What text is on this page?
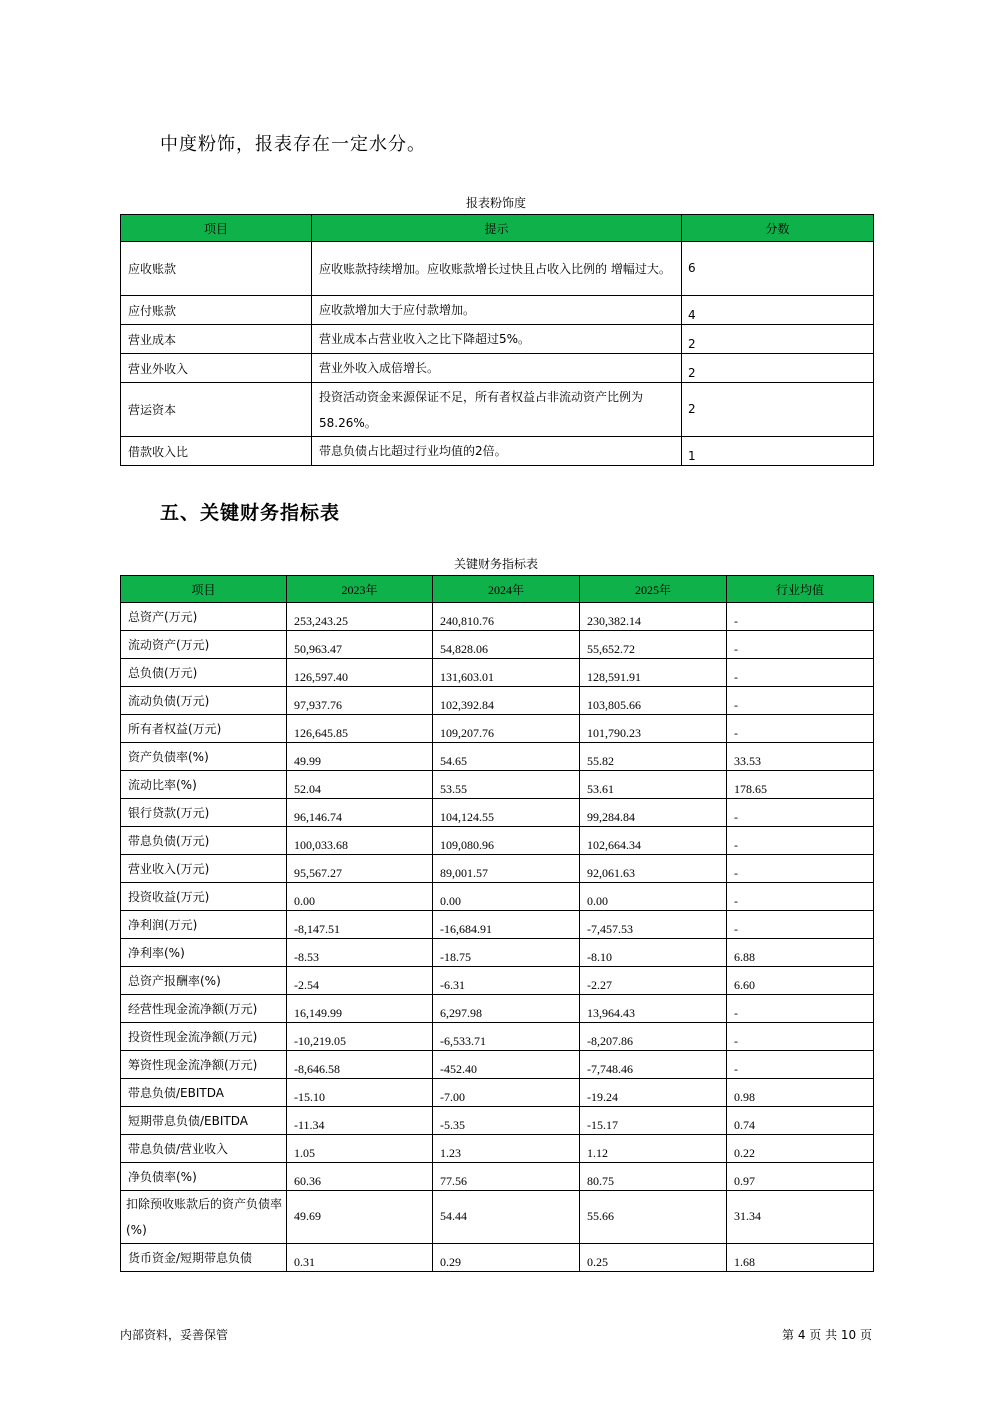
中度粉饰，报表存在一定水分。
报表粉饰度
项目	提示	分数
应收账款	应收账款持续增加。应收账款增长过快且占收入比例的 增幅过大。	6
应付账款	应收款增加大于应付款增加。	4
营业成本	营业成本占营业收入之比下降超过5%。	2
营业外收入	营业外收入成倍增长。	2
营运资本	投资活动资金来源保证不足，所有者权益占非流动资产比例为58.26%。	2
借款收入比	带息负债占比超过行业均值的2倍。	1
五、关键财务指标表
关键财务指标表
项目	2023年	2024年	2025年	行业均值
总资产(万元)	253,243.25	240,810.76	230,382.14	-
流动资产(万元)	50,963.47	54,828.06	55,652.72	-
总负债(万元)	126,597.40	131,603.01	128,591.91	-
流动负债(万元)	97,937.76	102,392.84	103,805.66	-
所有者权益(万元)	126,645.85	109,207.76	101,790.23	-
资产负债率(%)	49.99	54.65	55.82	33.53
流动比率(%)	52.04	53.55	53.61	178.65
银行贷款(万元)	96,146.74	104,124.55	99,284.84	-
带息负债(万元)	100,033.68	109,080.96	102,664.34	-
营业收入(万元)	95,567.27	89,001.57	92,061.63	-
投资收益(万元)	0.00	0.00	0.00	-
净利润(万元)	-8,147.51	-16,684.91	-7,457.53	-
净利率(%)	-8.53	-18.75	-8.10	6.88
总资产报酬率(%)	-2.54	-6.31	-2.27	6.60
经营性现金流净额(万元)	16,149.99	6,297.98	13,964.43	-
投资性现金流净额(万元)	-10,219.05	-6,533.71	-8,207.86	-
筹资性现金流净额(万元)	-8,646.58	-452.40	-7,748.46	-
带息负债/EBITDA	-15.10	-7.00	-19.24	0.98
短期带息负债/EBITDA	-11.34	-5.35	-15.17	0.74
带息负债/营业收入	1.05	1.23	1.12	0.22
净负债率(%)	60.36	77.56	80.75	0.97
扣除预收账款后的资产负债率(%)	49.69	54.44	55.66	31.34
货币资金/短期带息负债	0.31	0.29	0.25	1.68
内部资料，妥善保管	第 4 页 共 10 页
